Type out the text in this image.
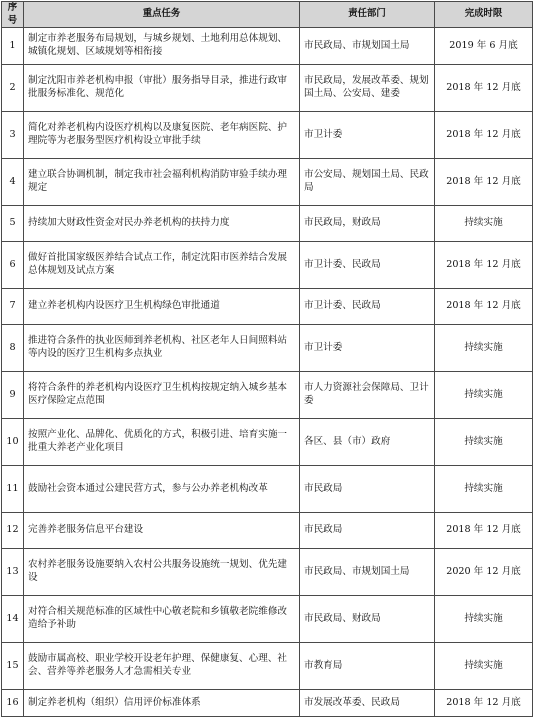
序号	重点任务	责任部门	完成时限
1	制定市养老服务布局规划，与城乡规划、土地利用总体规划、城镇化规划、区域规划等相衔接	市民政局、市规划国土局	2019 年 6 月底
2	制定沈阳市养老机构申报（审批）服务指导目录，推进行政审批服务标准化、规范化	市民政局，发展改革委、规划国土局、公安局、建委	2018 年 12 月底
3	简化对养老机构内设医疗机构以及康复医院、老年病医院、护理院等为老服务型医疗机构设立审批手续	市卫计委	2018 年 12 月底
4	建立联合协调机制，制定我市社会福利机构消防审验手续办理规定	市公安局、规划国土局、民政局	2018 年 12 月底
5	持续加大财政性资金对民办养老机构的扶持力度	市民政局，财政局	持续实施
6	做好首批国家级医养结合试点工作，制定沈阳市医养结合发展总体规划及试点方案	市卫计委、民政局	2018 年 12 月底
7	建立养老机构内设医疗卫生机构绿色审批通道	市卫计委、民政局	2018 年 12 月底
8	推进符合条件的执业医师到养老机构、社区老年人日间照料站等内设的医疗卫生机构多点执业	市卫计委	持续实施
9	将符合条件的养老机构内设医疗卫生机构按规定纳入城乡基本医疗保险定点范围	市人力资源社会保障局、卫计委	持续实施
10	按照产业化、品牌化、优质化的方式，积极引进、培育实施一批重大养老产业化项目	各区、县（市）政府	持续实施
11	鼓励社会资本通过公建民营方式，参与公办养老机构改革	市民政局	持续实施
12	完善养老服务信息平台建设	市民政局	2018 年 12 月底
13	农村养老服务设施要纳入农村公共服务设施统一规划、优先建设	市民政局、市规划国土局	2020 年 12 月底
14	对符合相关规范标准的区域性中心敬老院和乡镇敬老院维修改造给予补助	市民政局、财政局	持续实施
15	鼓励市属高校、职业学校开设老年护理、保健康复、心理、社会、营养等养老服务人才急需相关专业	市教育局	持续实施
16	制定养老机构（组织）信用评价标准体系	市发展改革委、民政局	2018 年 12 月底
